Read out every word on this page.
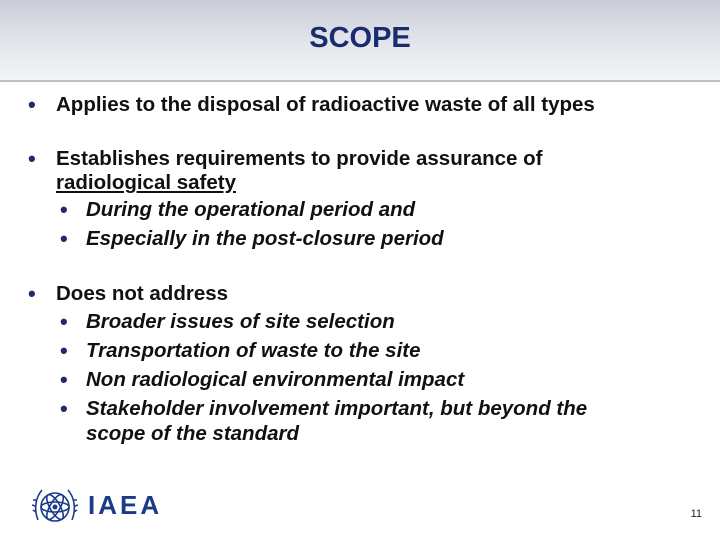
SCOPE
• Applies to the disposal of radioactive waste of all types
• Establishes requirements to provide assurance of
radiological safety
• During the operational period and
• Especially in the post-closure period
• Does not address
• Broader issues of site selection
• Transportation of waste to the site
• Non radiological environmental impact
• Stakeholder involvement important, but beyond the
scope of the standard
IAEA	11
